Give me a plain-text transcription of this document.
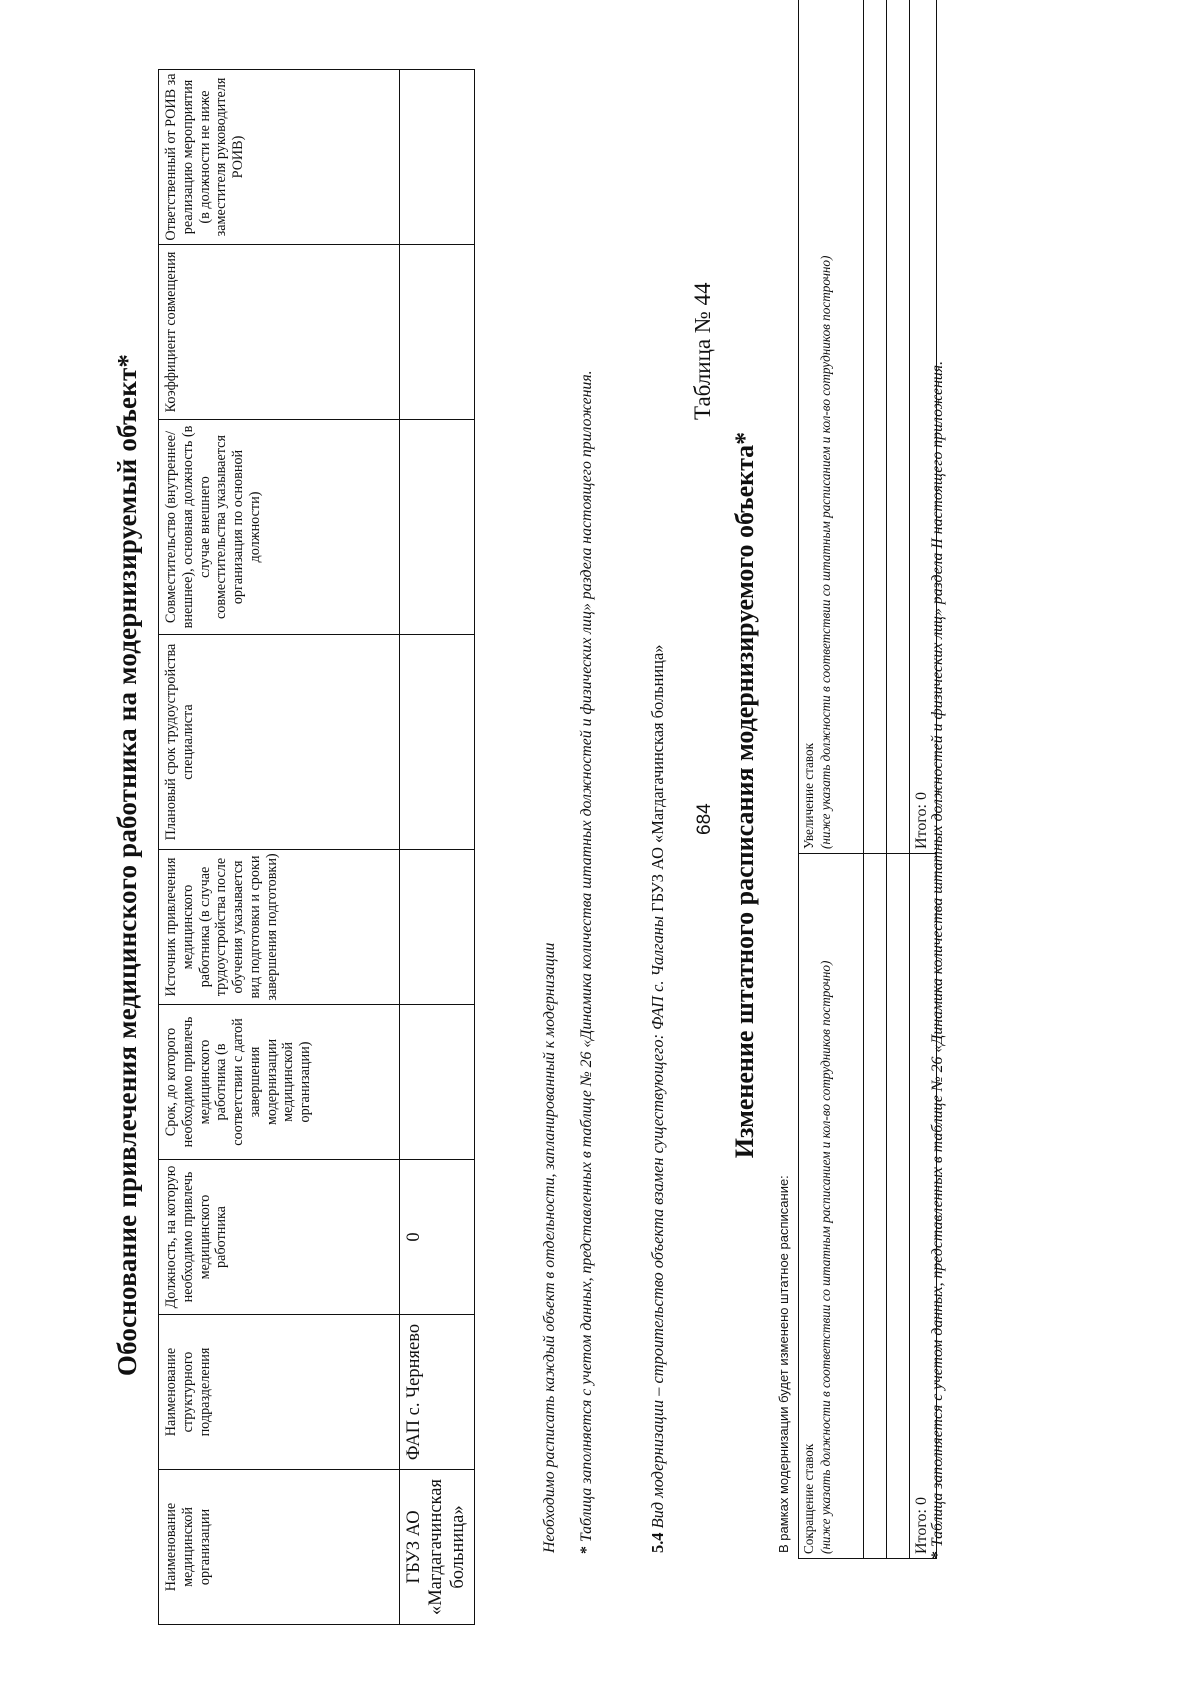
684
Обоснование привлечения медицинского работника на модернизируемый объект*
Наименование медицинской организации	Наименование структурного подразделения	Должность, на которую необходимо привлечь медицинского работника	Срок, до которого необходимо привлечь медицинского работника (в соответствии с датой завершения модернизации медицинской организации)	Источник привлечения медицинского работника (в случае трудоустройства после обучения указывается вид подготовки и сроки завершения подготовки)	Плановый срок трудоустройства специалиста	Совместительство (внутреннее/ внешнее), основная должность (в случае внешнего совместительства указывается организация по основной должности)	Коэффициент совмещения	Ответственный от РОИВ за реализацию мероприятия (в должности не ниже заместителя руководителя РОИВ)
ГБУЗ АО «Магдагачинская больница»	ФАП с. Черняево	0							Необходимо расписать каждый объект в отдельности, запланированный к модернизации * Таблица заполняется с учетом данных, представленных в таблице № 26 «Динамика количества штатных должностей и физических лиц» раздела настоящего приложения.	5.4 Вид модернизации – строительство объекта взамен существующего: ФАП с. Чалганы ГБУЗ АО «Магдагачинская больница»
Таблица № 44
Изменение штатного расписания модернизируемого объекта*
В рамках модернизации будет изменено штатное расписание: Сокращение ставок (ниже указать должности в соответствии со штатным расписанием и кол-во сотрудников построчно)	Увеличение ставок (ниже указать должности в соответствии со штатным расписанием и кол-во сотрудников построчно)

Итого: 0	Итого: 0
* Таблица заполняется с учетом данных, представленных в таблице № 26 «Динамика количества штатных должностей и физических лиц» раздела II настоящего приложения.
